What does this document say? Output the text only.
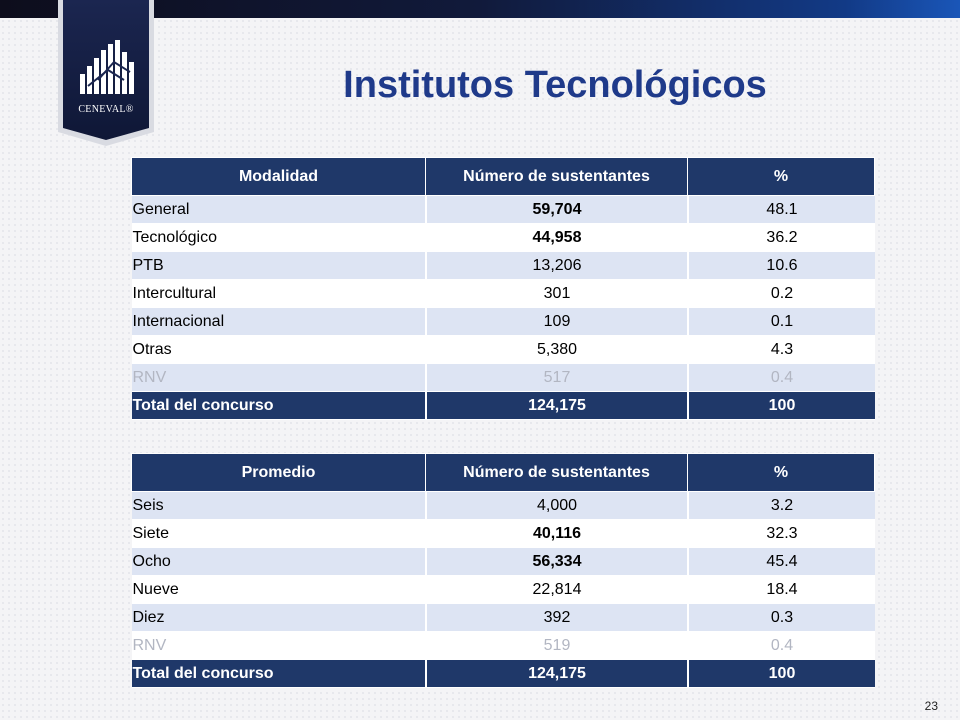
CENEVAL®
Institutos Tecnológicos
Modalidad	Número de sustentantes	%
General	59,704	48.1
Tecnológico	44,958	36.2
PTB	13,206	10.6
Intercultural	301	0.2
Internacional	109	0.1
Otras	5,380	4.3
RNV	517	0.4
Total del concurso	124,175	100
Promedio	Número de sustentantes	%
Seis	4,000	3.2
Siete	40,116	32.3
Ocho	56,334	45.4
Nueve	22,814	18.4
Diez	392	0.3
RNV	519	0.4
Total del concurso	124,175	100
23
